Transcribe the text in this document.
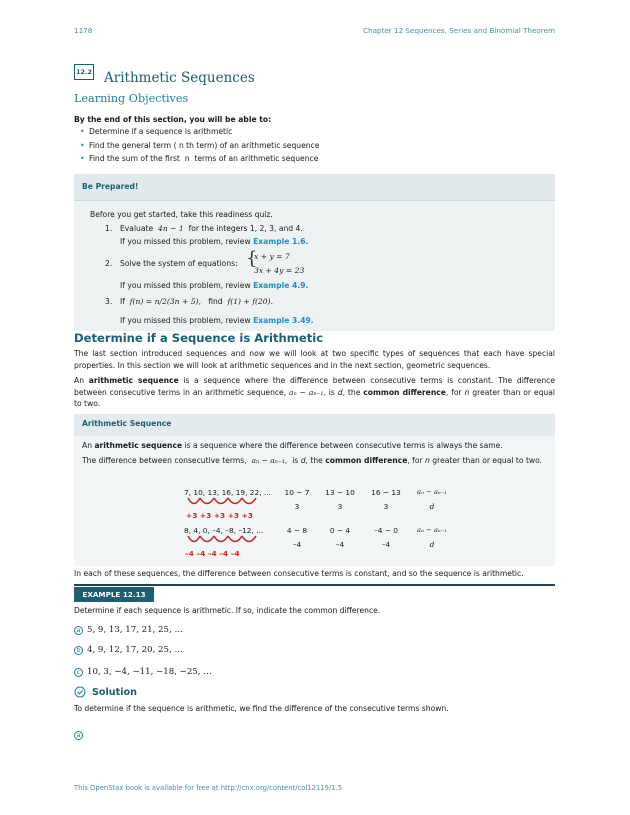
1178	Chapter 12 Sequences, Series and Binomial Theorem
12.2 Arithmetic Sequences
Learning Objectives
By the end of this section, you will be able to:
• Determine if a sequence is arithmetic
• Find the general term ( n th term) of an arithmetic sequence
• Find the sum of the first  n  terms of an arithmetic sequence
Be Prepared!
Before you get started, take this readiness quiz.
1. Evaluate 4n − 1 for the integers 1, 2, 3, and 4.
If you missed this problem, review Example 1.6.
2. Solve the system of equations: {
x + y = 7
3x + 4y = 23
If you missed this problem, review Example 4.9.
3. If f(n) = n/2(3n + 5), find f(1) + f(20).
If you missed this problem, review Example 3.49.
Determine if a Sequence is Arithmetic
The last section introduced sequences and now we will look at two specific types of sequences that each have special properties. In this section we will look at arithmetic sequences and in the next section, geometric sequences.
An arithmetic sequence is a sequence where the difference between consecutive terms is constant. The difference between consecutive terms in an arithmetic sequence, aₙ − aₙ₋₁, is d, the common difference, for n greater than or equal to two.
Arithmetic Sequence
An arithmetic sequence is a sequence where the difference between consecutive terms is always the same.
The difference between consecutive terms, aₙ − aₙ₋₁, is d, the common difference, for n greater than or equal to two.
7, 10, 13, 16, 19, 22, ...
+3 +3 +3 +3 +3
10 − 7
3
13 − 10
3
16 − 13
3
aₙ − aₙ₋₁
d
8, 4, 0, –4, –8, –12, ...
–4 –4 –4 –4 –4
4 − 8
–4
0 − 4
–4
–4 − 0
–4
aₙ − aₙ₋₁
d
In each of these sequences, the difference between consecutive terms is constant, and so the sequence is arithmetic.
EXAMPLE 12.13
Determine if each sequence is arithmetic. If so, indicate the common difference.
a 5, 9, 13, 17, 21, 25, …
b 4, 9, 12, 17, 20, 25, …
c 10, 3, −4, −11, −18, −25, …
Solution
To determine if the sequence is arithmetic, we find the difference of the consecutive terms shown.
a
This OpenStax book is available for free at http://cnx.org/content/col12119/1.5
